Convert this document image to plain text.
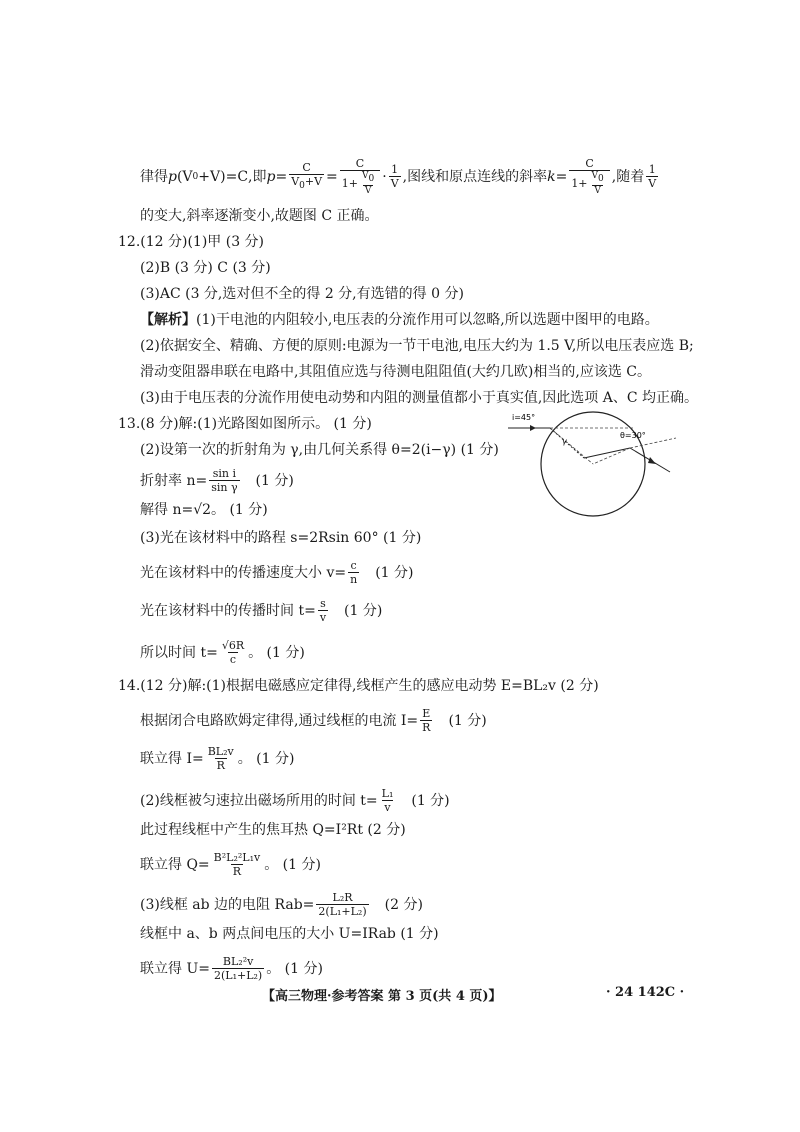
律得 p (V 0 +V)=C ,即 $p = \frac{C}{V_0+V} = \frac{C}{1+ \frac{V0}{V}} \cdot \frac{1}{V}$ ,图线和原点连线的斜率 $k = \frac{C}{1+ \frac{V0}{V}}$ ,随着 $\frac{1}{V}$
的变大,斜率逐渐变小,故题图 C 正确。
12.(12 分)(1)甲 (3 分)
(2)B (3 分) C (3 分)
(3)AC (3 分,选对但不全的得 2 分,有选错的得 0 分)
【解析】 (1)干电池的内阻较小,电压表的分流作用可以忽略,所以选题中图甲的电路。
(2)依据安全、精确、方便的原则:电源为一节干电池,电压大约为 1.5 V,所以电压表应选 B;
滑动变阻器串联在电路中,其阻值应选与待测电阻阻值(大约几欧)相当的,应该选 C。
(3)由于电压表的分流作用使电动势和内阻的测量值都小于真实值,因此选项 A、C 均正确。
13.(8 分)解:(1)光路图如图所示。 (1 分)
(2)设第一次的折射角为 γ,由几何关系得 θ=2(i−γ) (1 分)
折射率 $n= \frac{\text{sin i}}{\text{sin γ}} (1$ 分)
解得 n=√2。 (1 分)
(3)光在该材料中的路程 s=2Rsin 60° (1 分)
光在该材料中的传播速度大小 $v= \frac{c}{n} (1$ 分)
光在该材料中的传播时间 $t= \frac{s}{v} (1$ 分)
所以时间 $t= \frac{√6R}{c}$ 。 (1 分)
i=45°
θ=30°
γ
14.(12 分)解:(1)根据电磁感应定律得,线框产生的感应电动势 E=BL₂v (2 分)
根据闭合电路欧姆定律得,通过线框的电流 $I= \frac{E}{R} (1$ 分)
联立得 $I= \frac{\text{BL₂v}}{R}$ 。 (1 分)
(2)线框被匀速拉出磁场所用的时间 $t= \frac{\text{L₁}}{v} (1$ 分)
此过程线框中产生的焦耳热 Q=I²Rt (2 分)
联立得 $Q= \frac{\text{B²L₂²L₁v}}{R}$ 。 (1 分)
(3)线框 ab 边的电阻 $Rab= \frac{\text{L₂R}}{\text{2(L₁+L₂)}} (2$ 分)
线框中 a、b 两点间电压的大小 U=IRab (1 分)
联立得 $U= \frac{\text{BL₂²v}}{\text{2(L₁+L₂)}}$ 。 (1 分)
【高三物理·参考答案 第 3 页(共 4 页)】	· 24 142C ·
